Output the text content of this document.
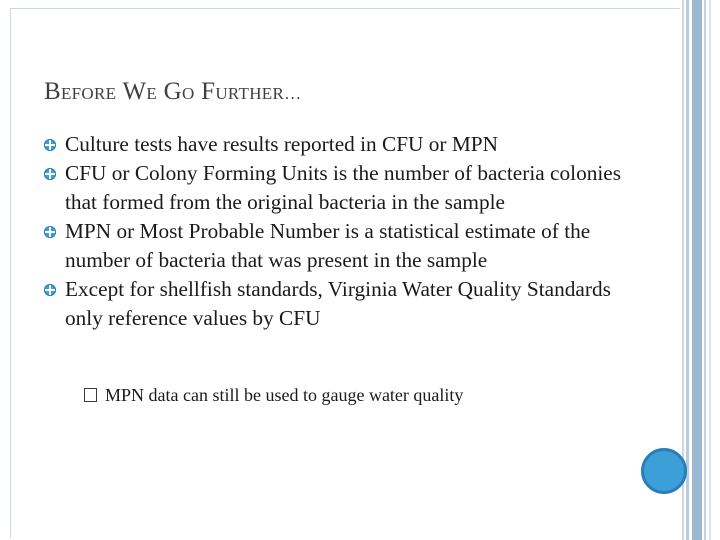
BEFORE WE GO FURTHER…
Culture tests have results reported in CFU or MPN
CFU or Colony Forming Units is the number of bacteria colonies that formed from the original bacteria in the sample
MPN or Most Probable Number is a statistical estimate of the number of bacteria that was present in the sample
Except for shellfish standards, Virginia Water Quality Standards only reference values by CFU
MPN data can still be used to gauge water quality
